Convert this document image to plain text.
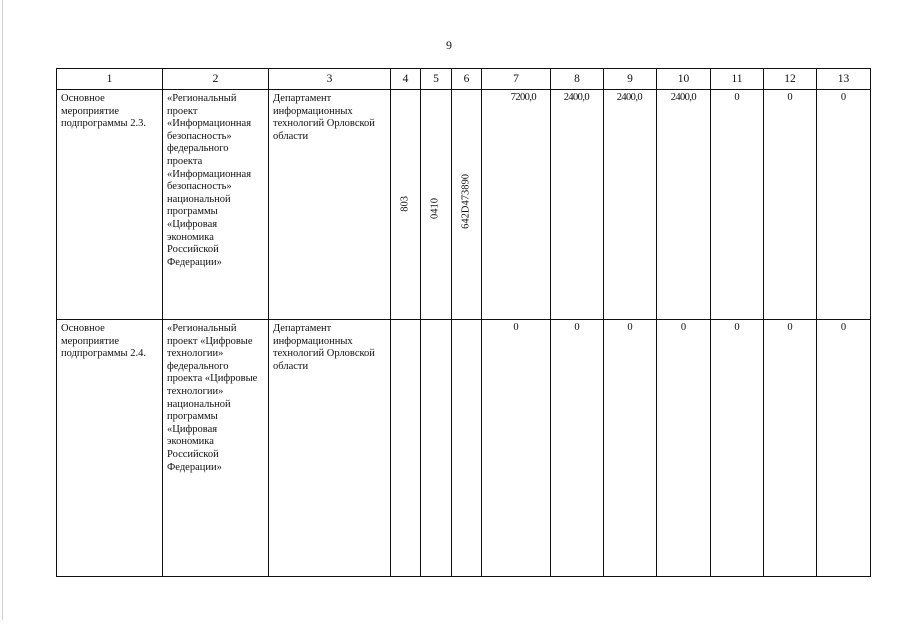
9
1	2	3	4	5	6	7	8	9	10	11	12	13
Основное мероприятие подпрограммы 2.3.	«Региональный проект «Информационная безопасность» федерального проекта «Информационная безопасность» национальной программы «Цифровая экономика Российской Федерации»	Департамент информационных технологий Орловской области	803	0410	642D473890	7200,0	2400,0	2400,0	2400,0	0	0	0
Основное мероприятие подпрограммы 2.4.	«Региональный проект «Цифровые технологии» федерального проекта «Цифровые технологии» национальной программы «Цифровая экономика Российской Федерации»	Департамент информационных технологий Орловской области				0	0	0	0	0	0	0
